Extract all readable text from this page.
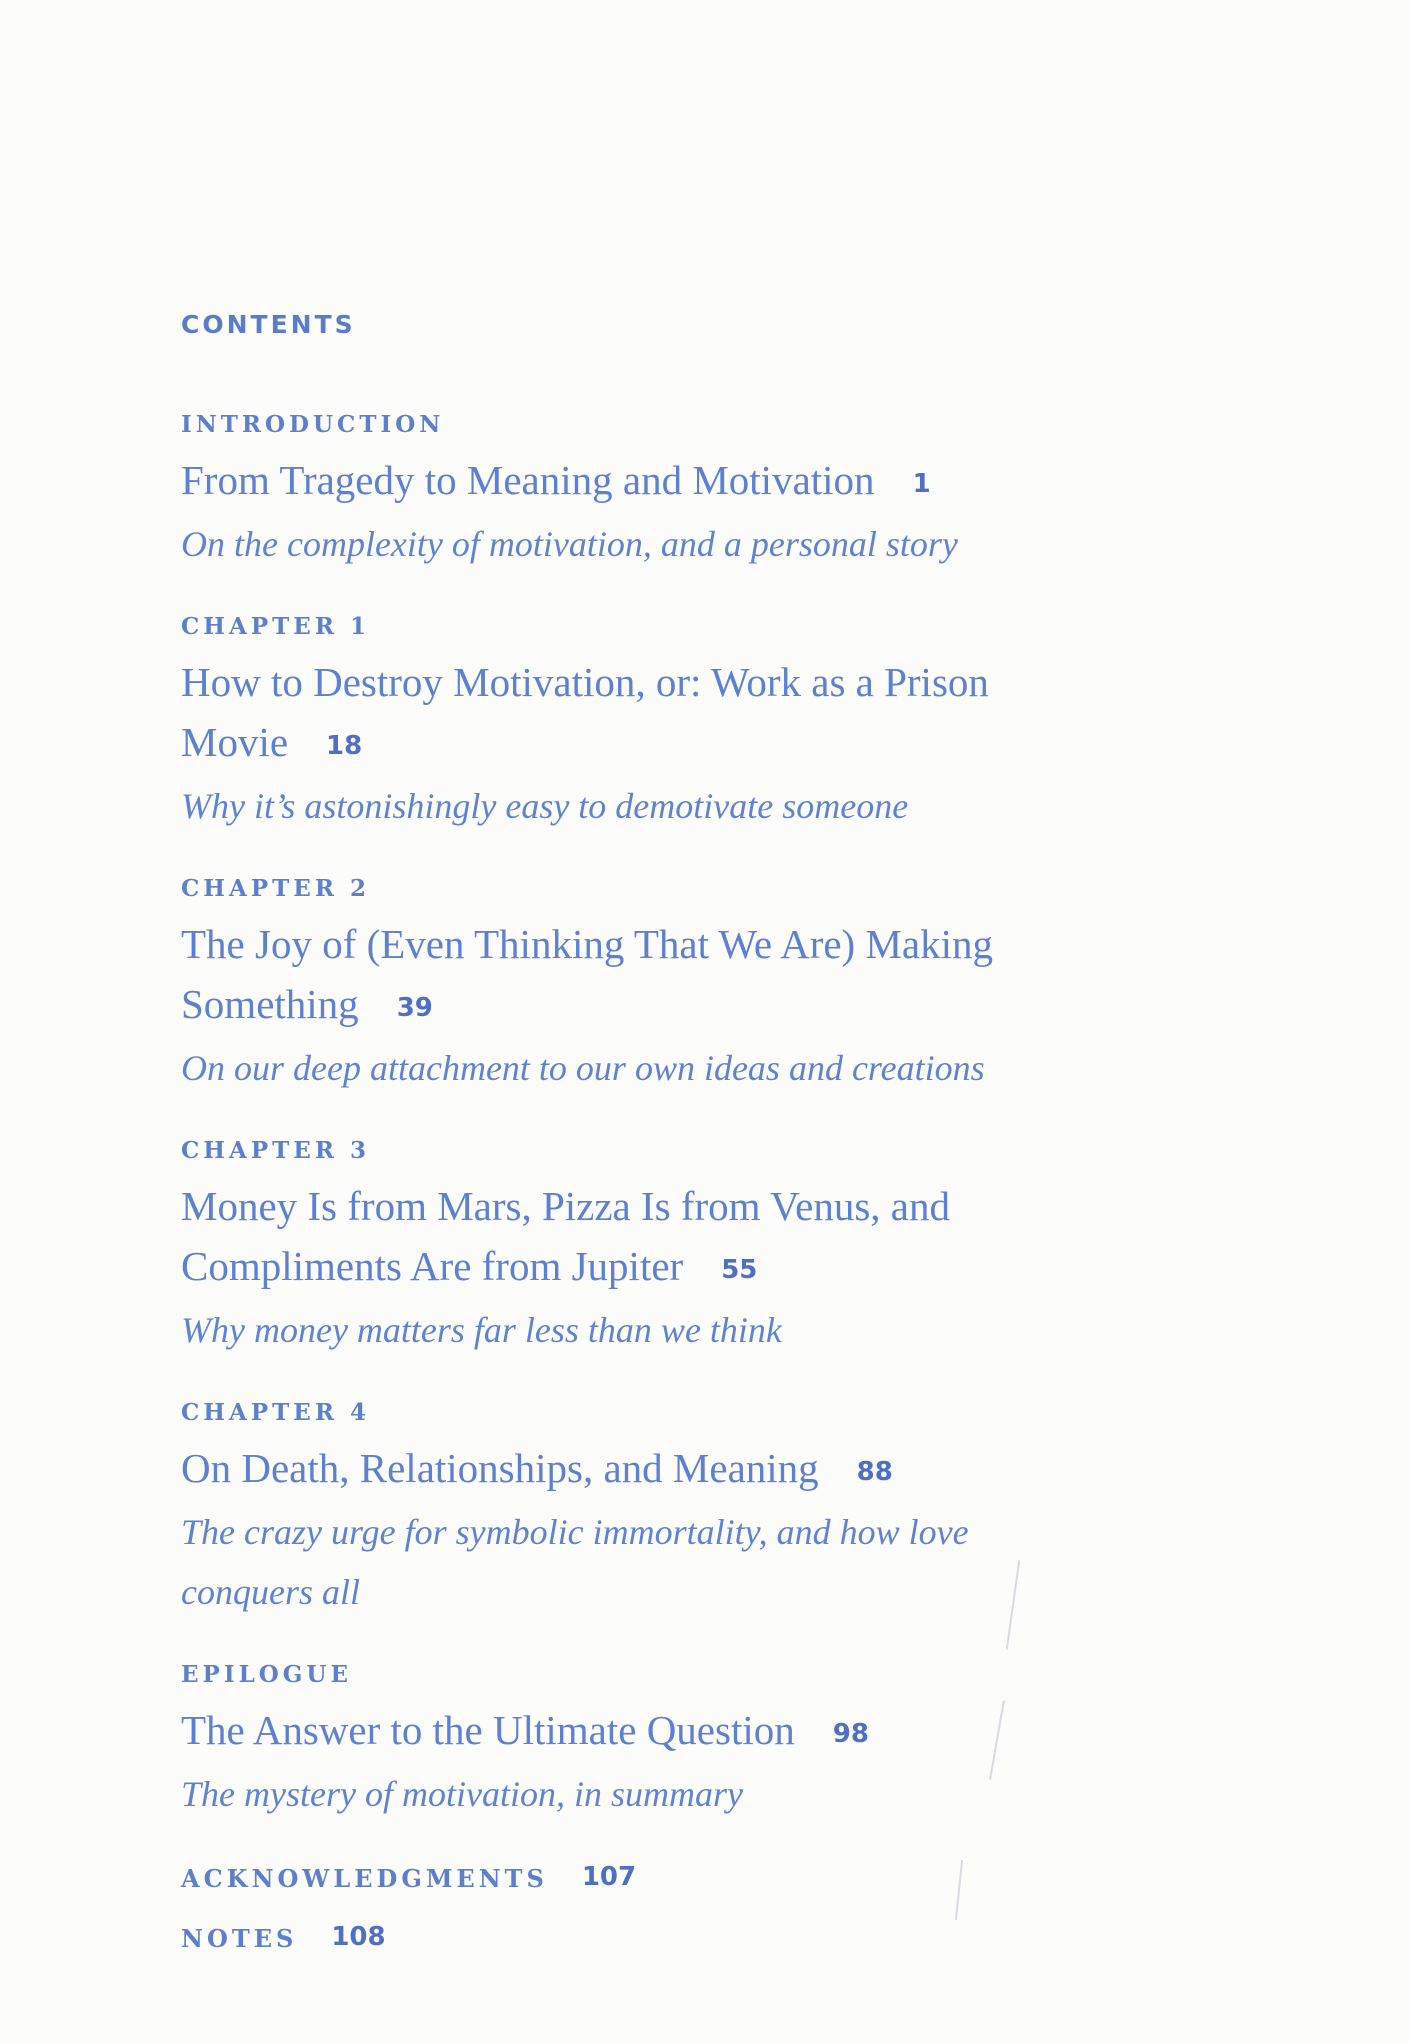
CONTENTS
INTRODUCTION
From Tragedy to Meaning and Motivation 1
On the complexity of motivation, and a personal story
CHAPTER 1
How to Destroy Motivation, or: Work as a Prison Movie 18
Why it’s astonishingly easy to demotivate someone
CHAPTER 2
The Joy of (Even Thinking That We Are) Making Something 39
On our deep attachment to our own ideas and creations
CHAPTER 3
Money Is from Mars, Pizza Is from Venus, and Compliments Are from Jupiter 55
Why money matters far less than we think
CHAPTER 4
On Death, Relationships, and Meaning 88
The crazy urge for symbolic immortality, and how love conquers all
EPILOGUE
The Answer to the Ultimate Question 98
The mystery of motivation, in summary
ACKNOWLEDGMENTS 107
NOTES 108
